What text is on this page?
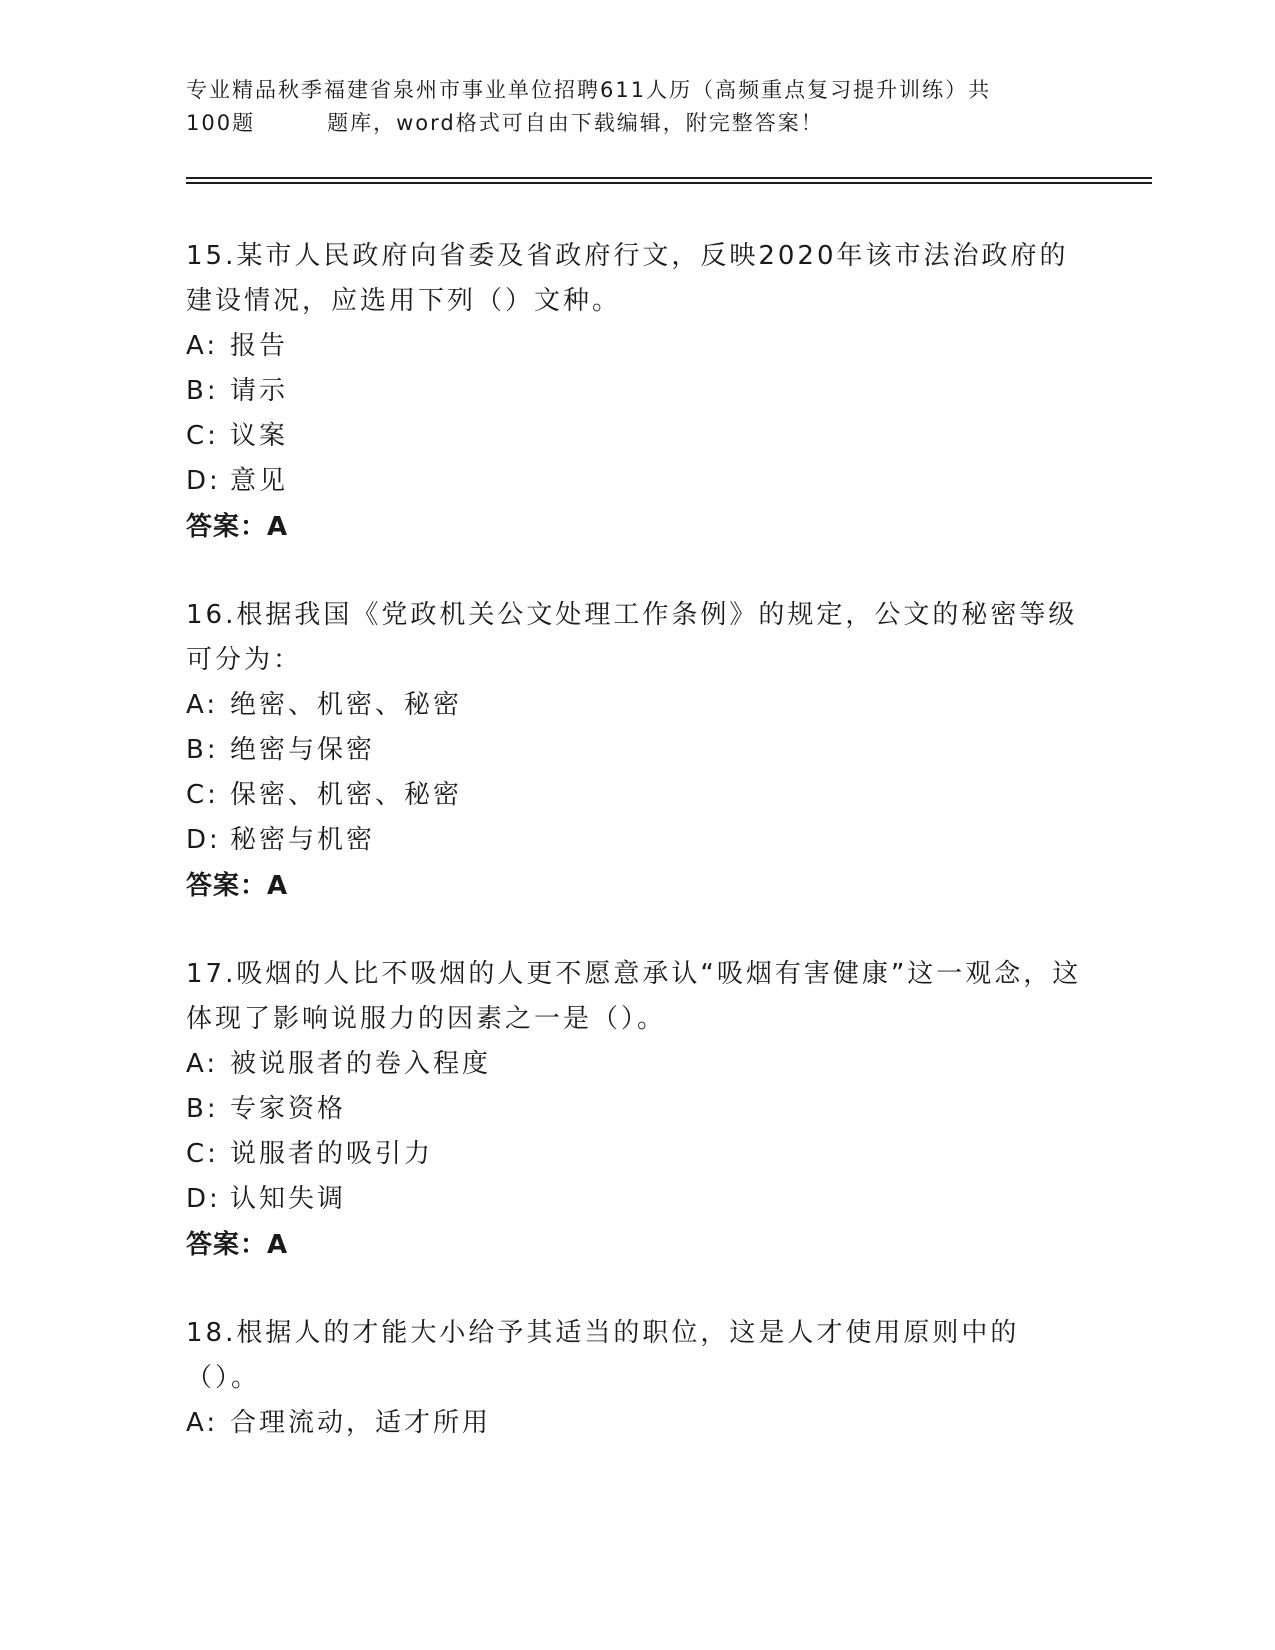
专业精品秋季福建省泉州市事业单位招聘611人历（高频重点复习提升训练）共
100题	题库，word格式可自由下载编辑，附完整答案！
15.某市人民政府向省委及省政府行文，反映2020年该市法治政府的建设情况，应选用下列（）文种。
A: 报告
B: 请示
C: 议案
D: 意见
答案：A
16.根据我国《党政机关公文处理工作条例》的规定，公文的秘密等级可分为：
A: 绝密、机密、秘密
B: 绝密与保密
C: 保密、机密、秘密
D: 秘密与机密
答案：A
17.吸烟的人比不吸烟的人更不愿意承认“吸烟有害健康”这一观念，这体现了影响说服力的因素之一是（）。
A: 被说服者的卷入程度
B: 专家资格
C: 说服者的吸引力
D: 认知失调
答案：A
18.根据人的才能大小给予其适当的职位，这是人才使用原则中的（）。
A: 合理流动，适才所用
